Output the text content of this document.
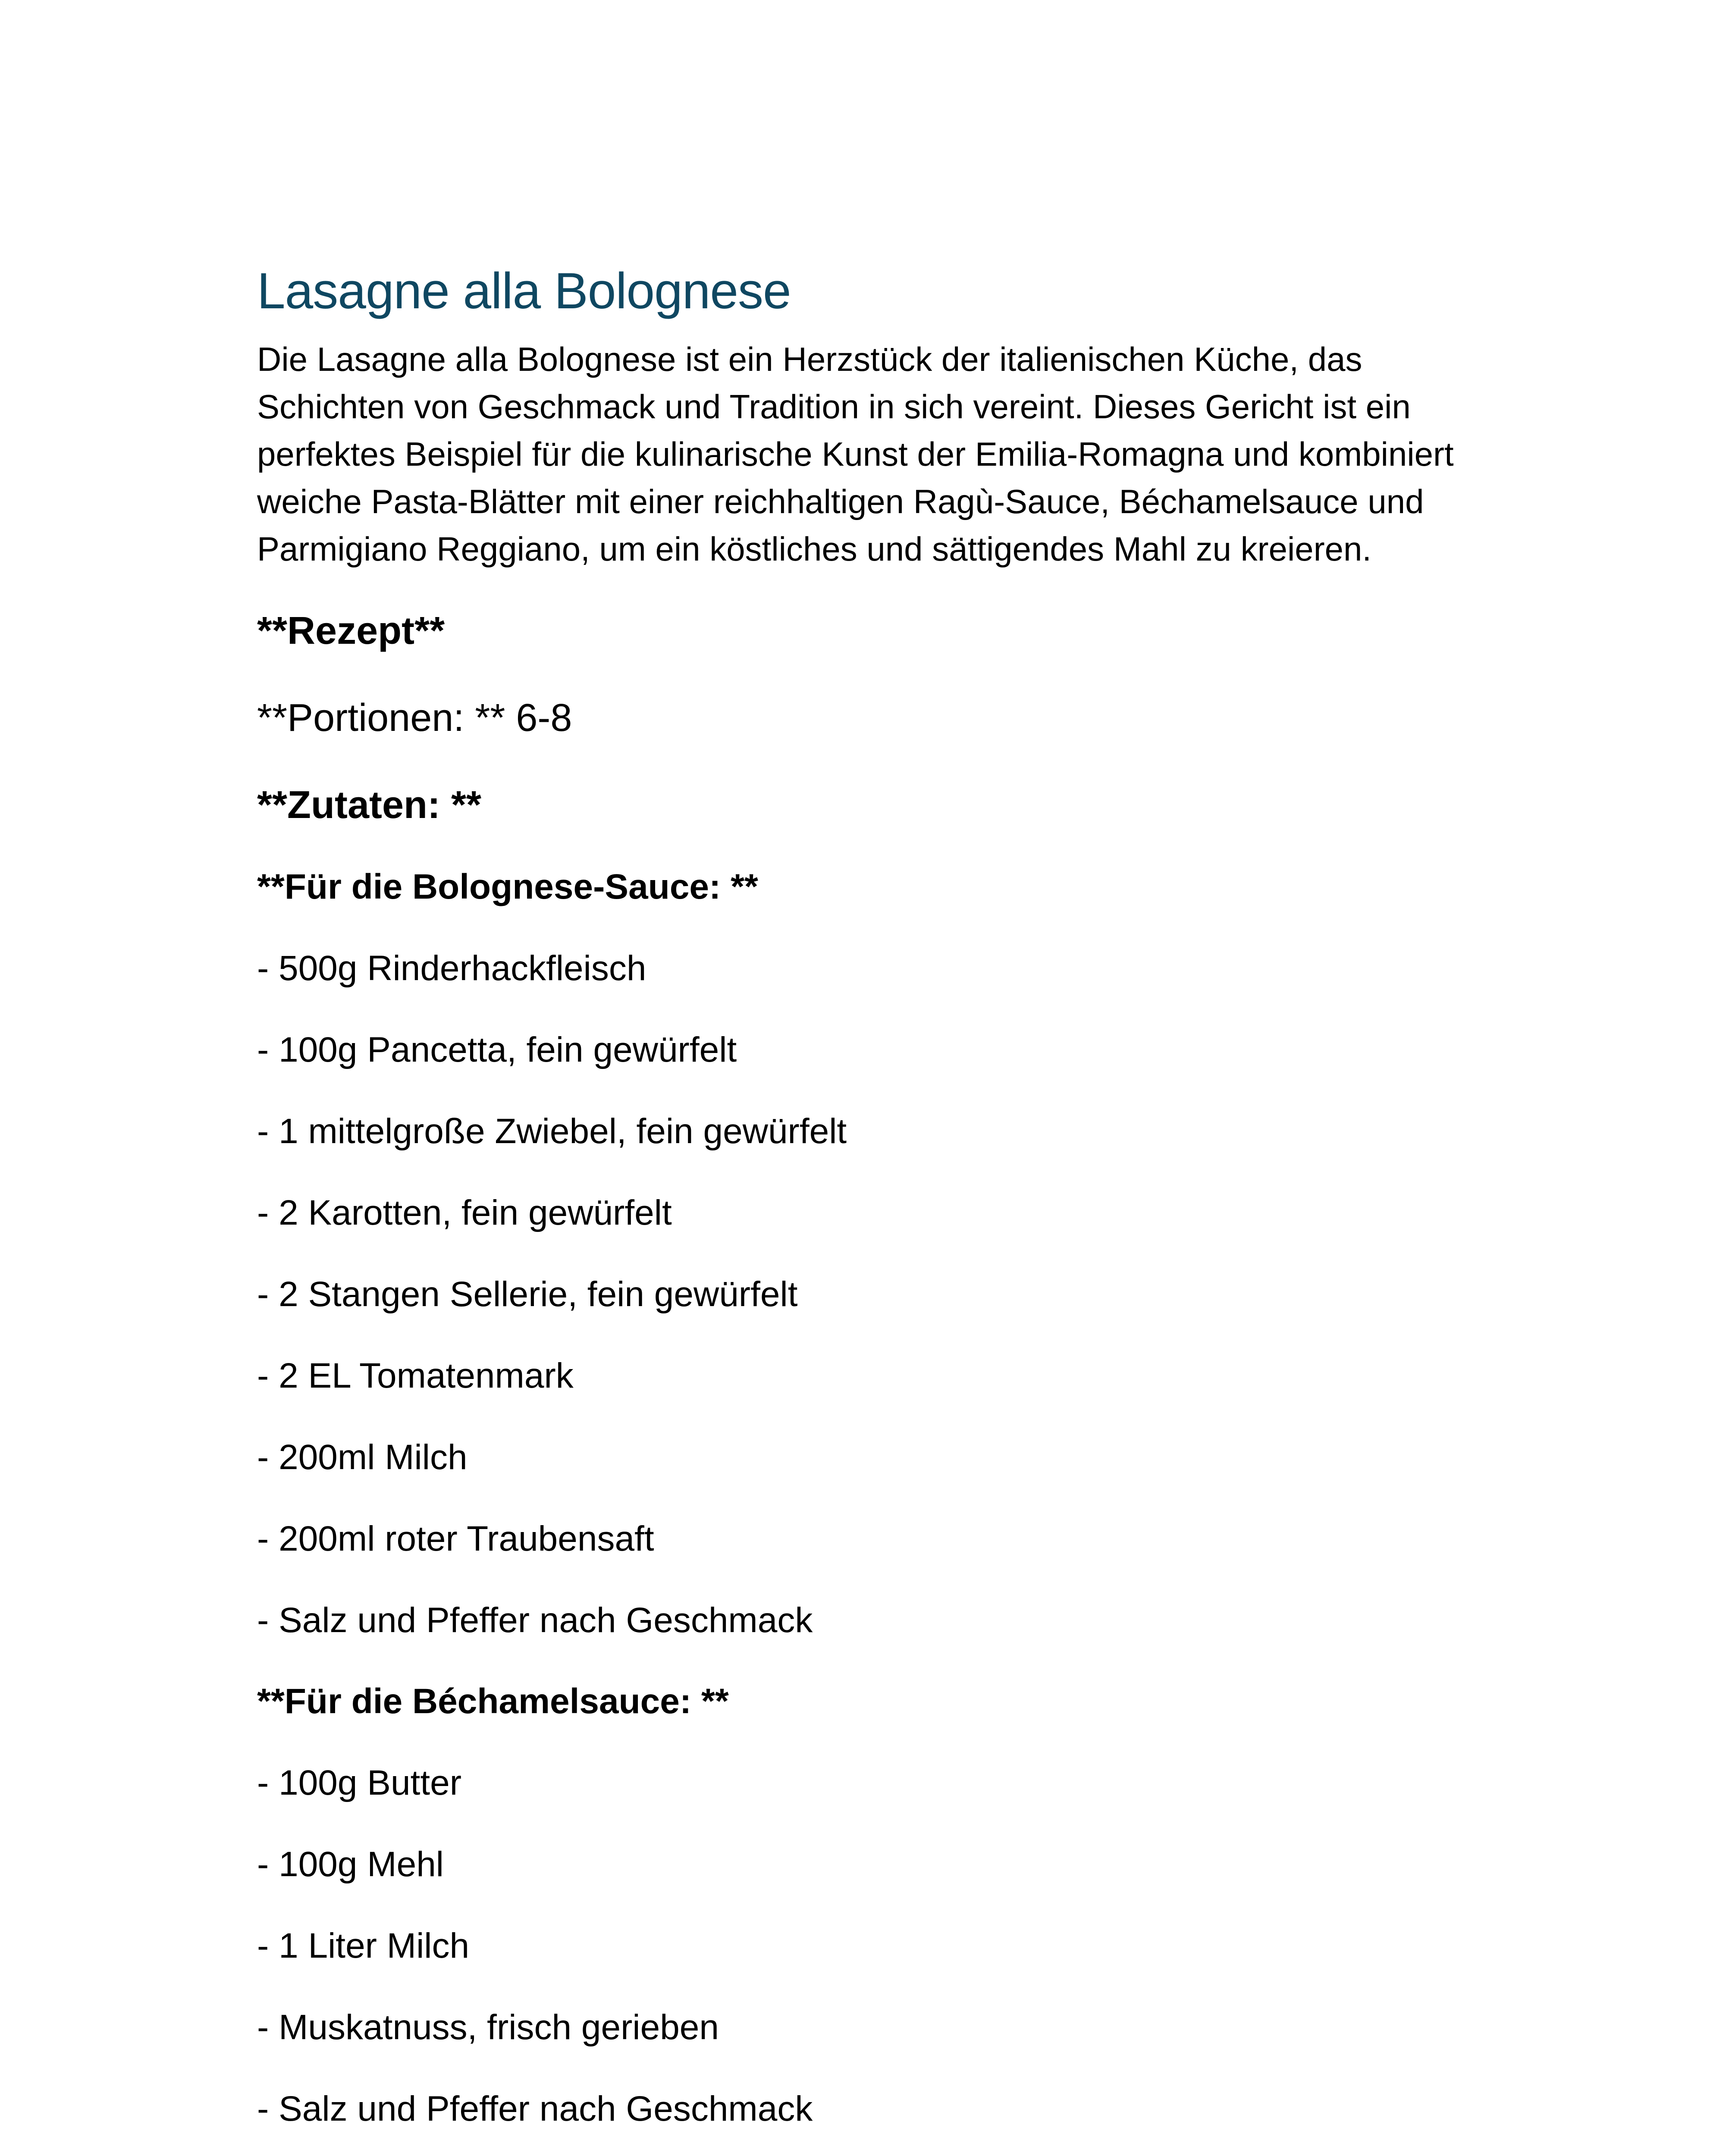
Lasagne alla Bolognese

Die Lasagne alla Bolognese ist ein Herzstück der italienischen Küche, das Schichten von Geschmack und Tradition in sich vereint. Dieses Gericht ist ein perfektes Beispiel für die kulinarische Kunst der Emilia-Romagna und kombiniert weiche Pasta-Blätter mit einer reichhaltigen Ragù-Sauce, Béchamelsauce und Parmigiano Reggiano, um ein köstliches und sättigendes Mahl zu kreieren.

**Rezept**
**Portionen: ** 6-8
**Zutaten: **
**Für die Bolognese-Sauce: **
- 500g Rinderhackfleisch
- 100g Pancetta, fein gewürfelt
- 1 mittelgroße Zwiebel, fein gewürfelt
- 2 Karotten, fein gewürfelt
- 2 Stangen Sellerie, fein gewürfelt
- 2 EL Tomatenmark
- 200ml Milch
- 200ml roter Traubensaft
- Salz und Pfeffer nach Geschmack
**Für die Béchamelsauce: **
- 100g Butter
- 100g Mehl
- 1 Liter Milch
- Muskatnuss, frisch gerieben
- Salz und Pfeffer nach Geschmack
